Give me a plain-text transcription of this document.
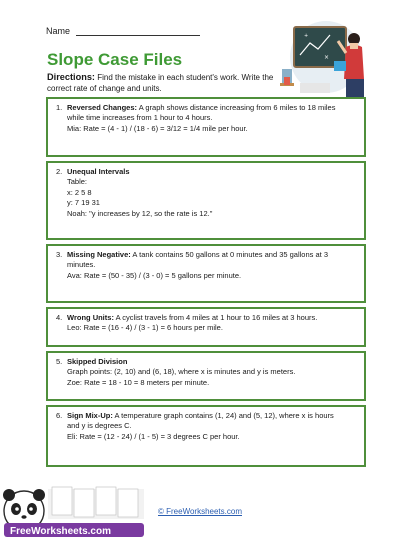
Name
Slope Case Files
Directions: Find the mistake in each student's work. Write the correct rate of change and units.
×
+
1. Reversed Changes: A graph shows distance increasing from 6 miles to 18 miles
while time increases from 1 hour to 4 hours.
Mia: Rate = (4 - 1) / (18 - 6) = 3/12 = 1/4 mile per hour.
2. Unequal Intervals
Table:
x: 2 5 8
y: 7 19 31
Noah: "y increases by 12, so the rate is 12."
3. Missing Negative: A tank contains 50 gallons at 0 minutes and 35 gallons at 3
minutes.
Ava: Rate = (50 - 35) / (3 - 0) = 5 gallons per minute.
4. Wrong Units: A cyclist travels from 4 miles at 1 hour to 16 miles at 3 hours.
Leo: Rate = (16 - 4) / (3 - 1) = 6 hours per mile.
5. Skipped Division
Graph points: (2, 10) and (6, 18), where x is minutes and y is meters.
Zoe: Rate = 18 - 10 = 8 meters per minute.
6. Sign Mix-Up: A temperature graph contains (1, 24) and (5, 12), where x is hours
and y is degrees C.
Eli: Rate = (12 - 24) / (1 - 5) = 3 degrees C per hour.
FreeWorksheets.com
© FreeWorksheets.com
